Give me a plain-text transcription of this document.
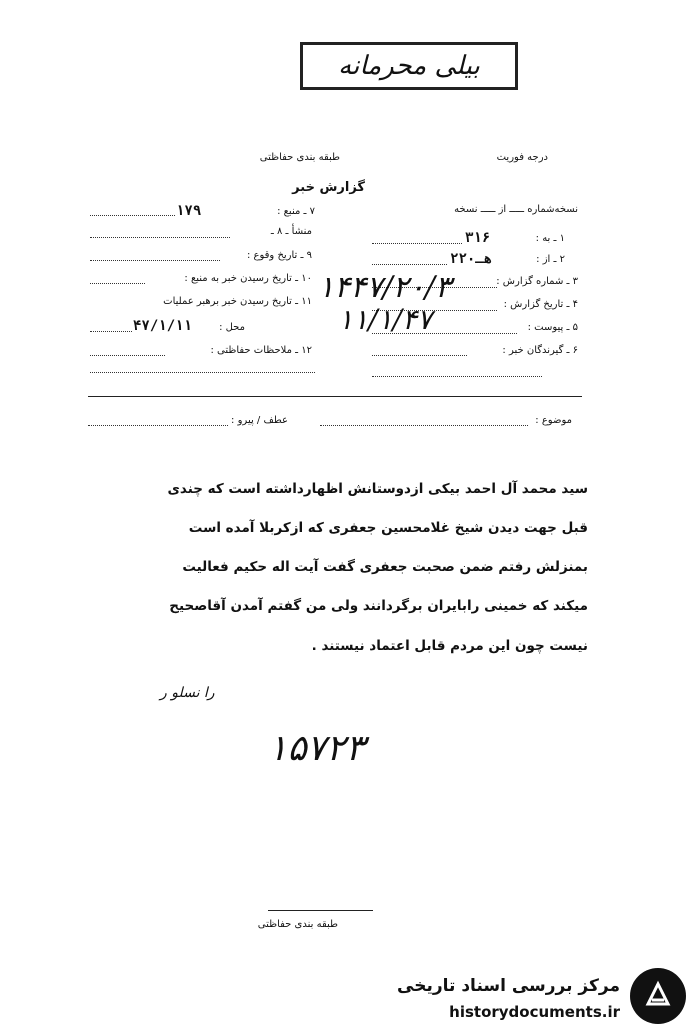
بیلی محرمانه
طبقه بندی حفاظتی	درجه فوریت
گزارش خبر
نسخه‌شماره ـــــ از ـــــ نسخه
۷ ـ منبع :
۱۷۹
منشأ ـ ۸ ـ
۹ ـ تاریخ وقوع :
۱۰ ـ تاریخ رسیدن خبر به منبع :
۱۱ ـ تاریخ رسیدن خبر برهبر عملیات
محل :
۴۷/۱/۱۱
۱۲ ـ ملاحظات حفاظتی :
۱ ـ به :
۳۱۶
۲ ـ از :
۲هـ۲۰
۳ ـ شماره گزارش :
۴ ـ تاریخ گزارش :
۵ ـ پیوست :
۶ ـ گیرندگان خبر :
۱۴۴۷/۲۰/۳
۱۱/۱/۴۷
موضوع :
عطف / پیرو :
سید محمد آل احمد بیکی ازدوستانش اظهارداشته است که چندی
قبل جهت دیدن شیخ غلامحسین جعفری که ازکربلا آمده است
بمنزلش رفتم ضمن صحبت جعفری گفت آیت اله حکیم فعالیت
میکند که خمینی رابایران برگردانند ولی من گفتم آمدن آقاصحیح
نیست چون این مردم قابل اعتماد نیستند .
را نسلو ر
۱۵۷۲۳
طبقه بندی حفاظتی
مرکز بررسی اسناد تاریخی
historydocuments.ir
